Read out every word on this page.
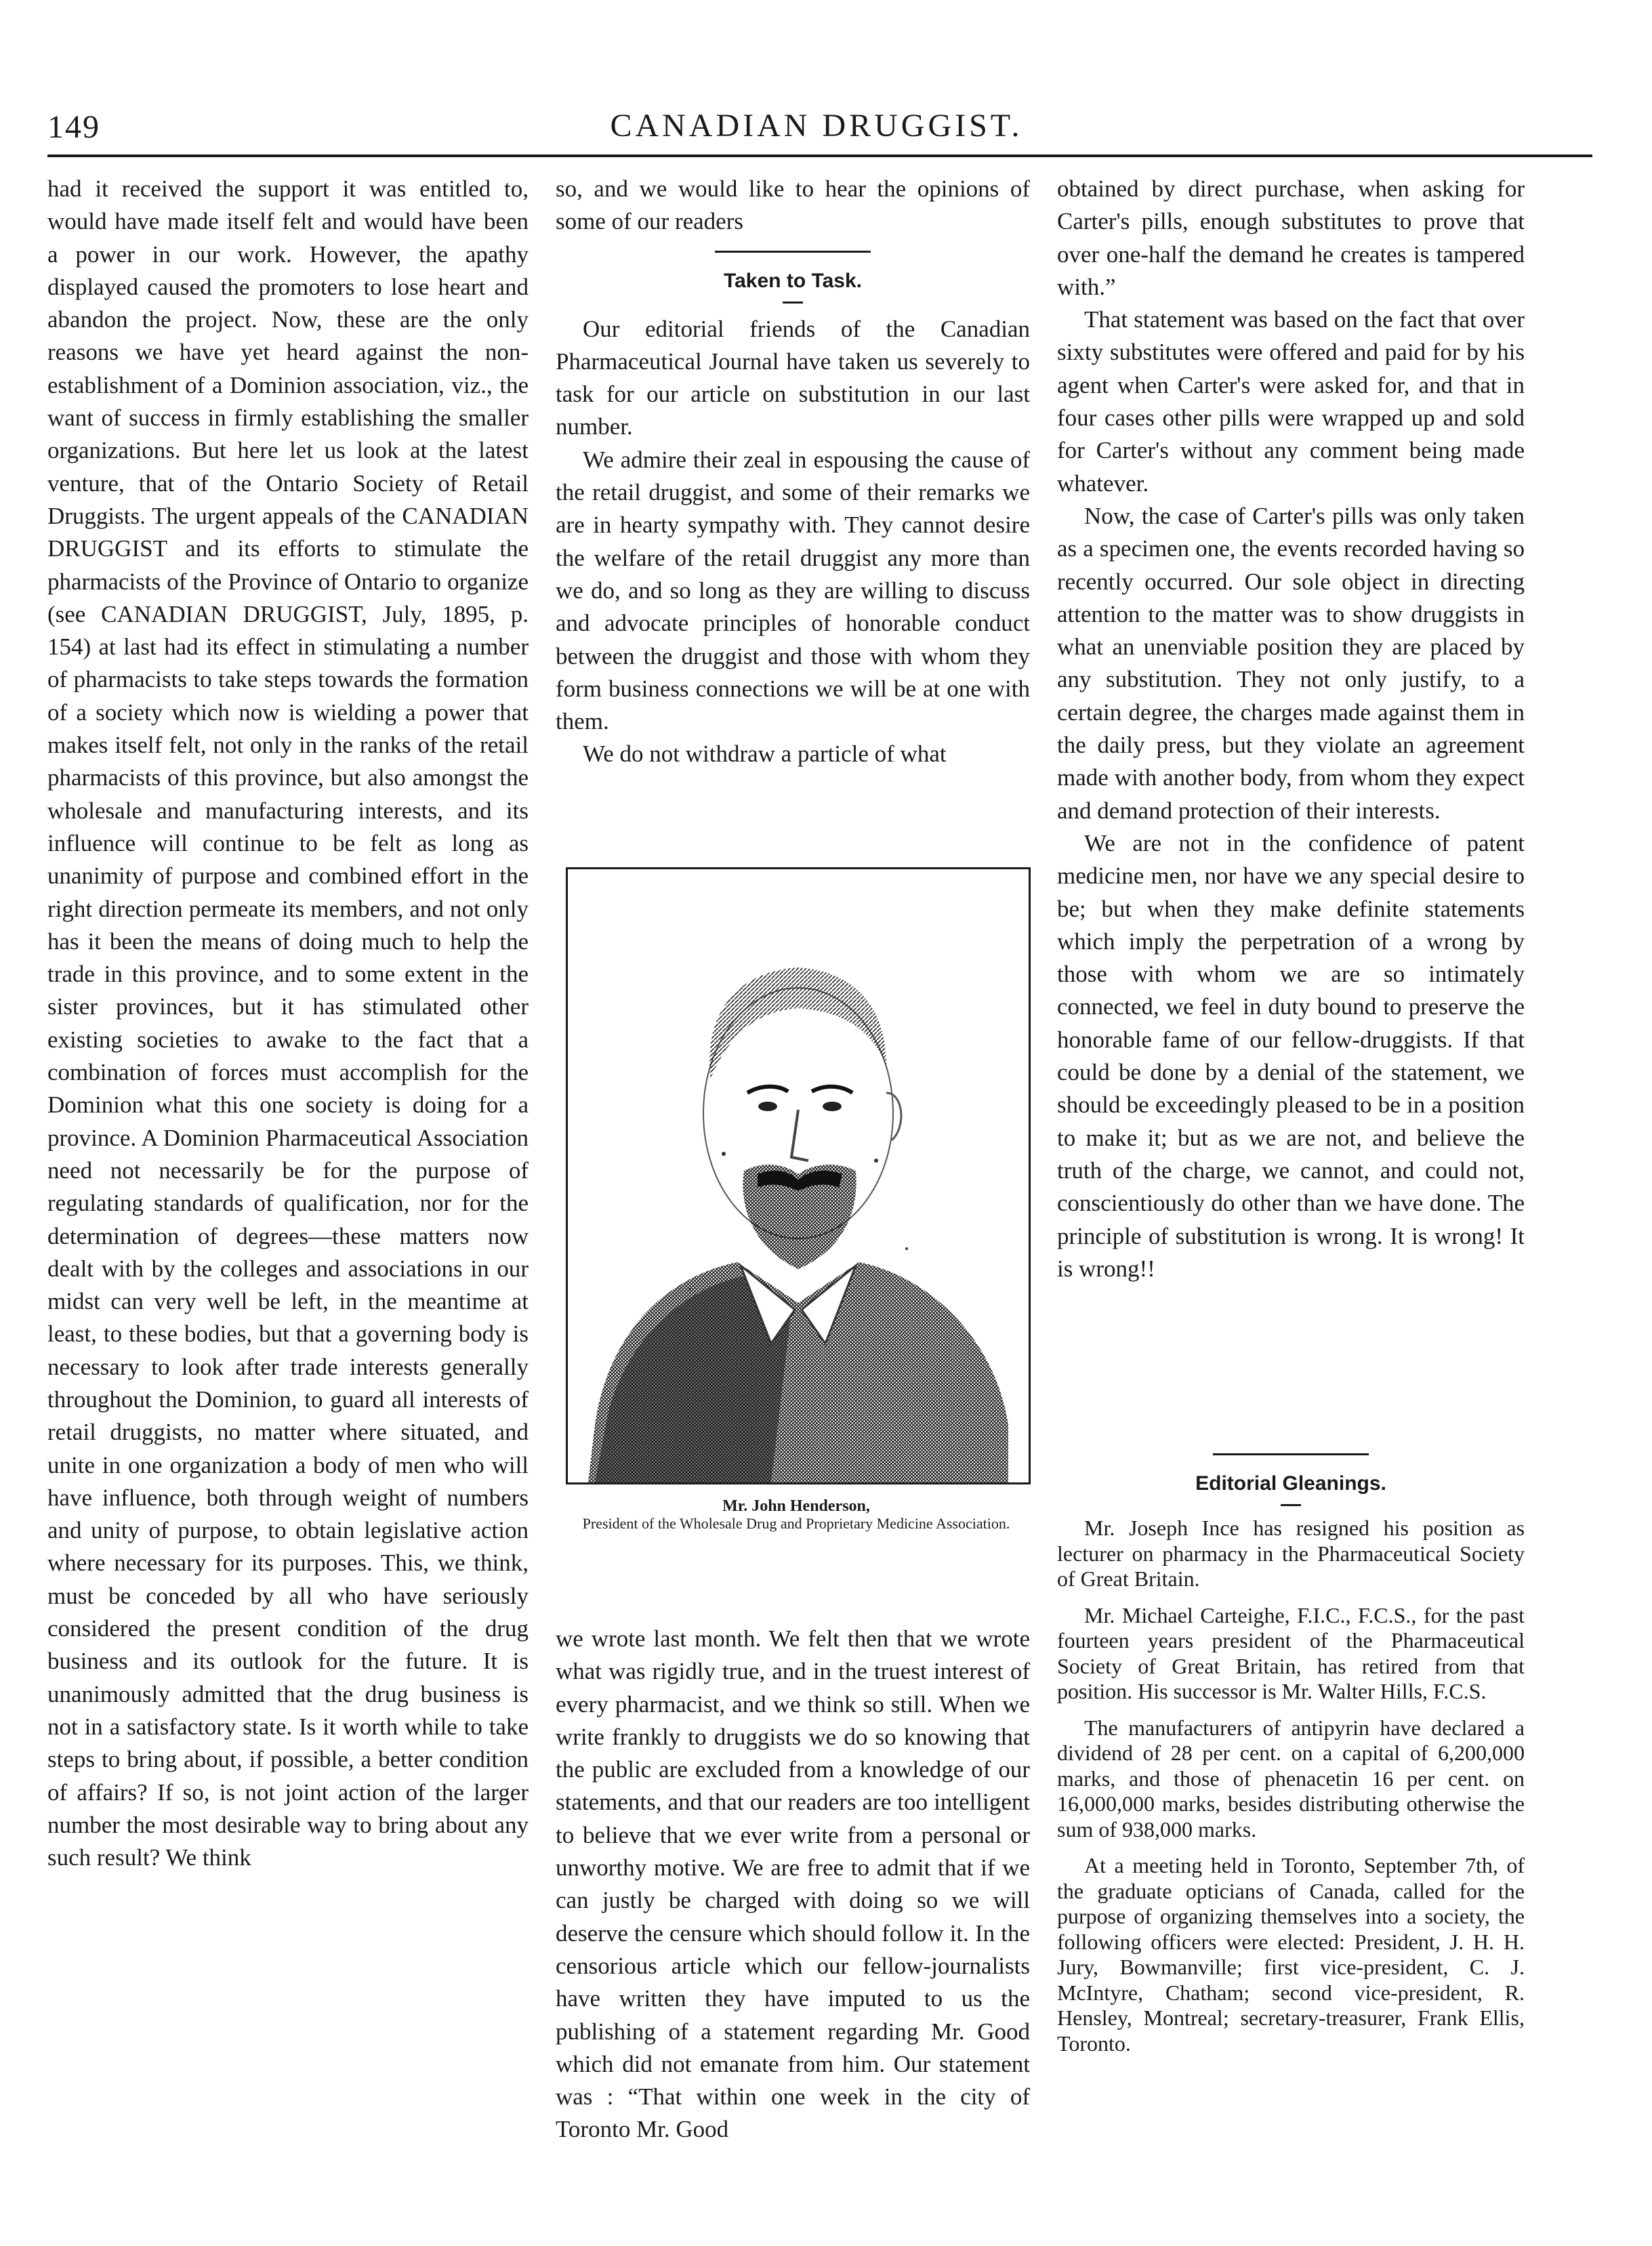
149	CANADIAN DRUGGIST.

had it received the support it was entitled to, would have made itself felt and would have been a power in our work. However, the apathy displayed caused the promoters to lose heart and abandon the project. Now, these are the only reasons we have yet heard against the non-establishment of a Dominion association, viz., the want of success in firmly establishing the smaller organizations. But here let us look at the latest venture, that of the Ontario Society of Retail Druggists. The urgent appeals of the CANADIAN DRUGGIST and its efforts to stimulate the pharmacists of the Province of Ontario to organize (see CANADIAN DRUGGIST, July, 1895, p. 154) at last had its effect in stimulating a number of pharmacists to take steps towards the formation of a society which now is wielding a power that makes itself felt, not only in the ranks of the retail pharmacists of this province, but also amongst the wholesale and manufacturing interests, and its influence will continue to be felt as long as unanimity of purpose and combined effort in the right direction permeate its members, and not only has it been the means of doing much to help the trade in this province, and to some extent in the sister provinces, but it has stimulated other existing societies to awake to the fact that a combination of forces must accomplish for the Dominion what this one society is doing for a province. A Dominion Pharmaceutical Association need not necessarily be for the purpose of regulating standards of qualification, nor for the determination of degrees—these matters now dealt with by the colleges and associations in our midst can very well be left, in the meantime at least, to these bodies, but that a governing body is necessary to look after trade interests generally throughout the Dominion, to guard all interests of retail druggists, no matter where situated, and unite in one organization a body of men who will have influence, both through weight of numbers and unity of purpose, to obtain legislative action where necessary for its purposes. This, we think, must be conceded by all who have seriously considered the present condition of the drug business and its outlook for the future. It is unanimously admitted that the drug business is not in a satisfactory state. Is it worth while to take steps to bring about, if possible, a better condition of affairs? If so, is not joint action of the larger number the most desirable way to bring about any such result? We think

so, and we would like to hear the opinions of some of our readers

Taken to Task.

Our editorial friends of the Canadian Pharmaceutical Journal have taken us severely to task for our article on substitution in our last number.

We admire their zeal in espousing the cause of the retail druggist, and some of their remarks we are in hearty sympathy with. They cannot desire the welfare of the retail druggist any more than we do, and so long as they are willing to discuss and advocate principles of honorable conduct between the druggist and those with whom they form business connections we will be at one with them.

We do not withdraw a particle of what

Mr. John Henderson,
President of the Wholesale Drug and Proprietary Medicine Association.

we wrote last month. We felt then that we wrote what was rigidly true, and in the truest interest of every pharmacist, and we think so still. When we write frankly to druggists we do so knowing that the public are excluded from a knowledge of our statements, and that our readers are too intelligent to believe that we ever write from a personal or unworthy motive. We are free to admit that if we can justly be charged with doing so we will deserve the censure which should follow it. In the censorious article which our fellow-journalists have written they have imputed to us the publishing of a statement regarding Mr. Good which did not emanate from him. Our statement was : “That within one week in the city of Toronto Mr. Good

obtained by direct purchase, when asking for Carter's pills, enough substitutes to prove that over one-half the demand he creates is tampered with.”

That statement was based on the fact that over sixty substitutes were offered and paid for by his agent when Carter's were asked for, and that in four cases other pills were wrapped up and sold for Carter's without any comment being made whatever.

Now, the case of Carter's pills was only taken as a specimen one, the events recorded having so recently occurred. Our sole object in directing attention to the matter was to show druggists in what an unenviable position they are placed by any substitution. They not only justify, to a certain degree, the charges made against them in the daily press, but they violate an agreement made with another body, from whom they expect and demand protection of their interests.

We are not in the confidence of patent medicine men, nor have we any special desire to be; but when they make definite statements which imply the perpetration of a wrong by those with whom we are so intimately connected, we feel in duty bound to preserve the honorable fame of our fellow-druggists. If that could be done by a denial of the statement, we should be exceedingly pleased to be in a position to make it; but as we are not, and believe the truth of the charge, we cannot, and could not, conscientiously do other than we have done. The principle of substitution is wrong. It is wrong! It is wrong!!

Editorial Gleanings.

Mr. Joseph Ince has resigned his position as lecturer on pharmacy in the Pharmaceutical Society of Great Britain.

Mr. Michael Carteighe, F.I.C., F.C.S., for the past fourteen years president of the Pharmaceutical Society of Great Britain, has retired from that position. His successor is Mr. Walter Hills, F.C.S.

The manufacturers of antipyrin have declared a dividend of 28 per cent. on a capital of 6,200,000 marks, and those of phenacetin 16 per cent. on 16,000,000 marks, besides distributing otherwise the sum of 938,000 marks.

At a meeting held in Toronto, September 7th, of the graduate opticians of Canada, called for the purpose of organizing themselves into a society, the following officers were elected: President, J. H. H. Jury, Bowmanville; first vice-president, C. J. McIntyre, Chatham; second vice-president, R. Hensley, Montreal; secretary-treasurer, Frank Ellis, Toronto.
